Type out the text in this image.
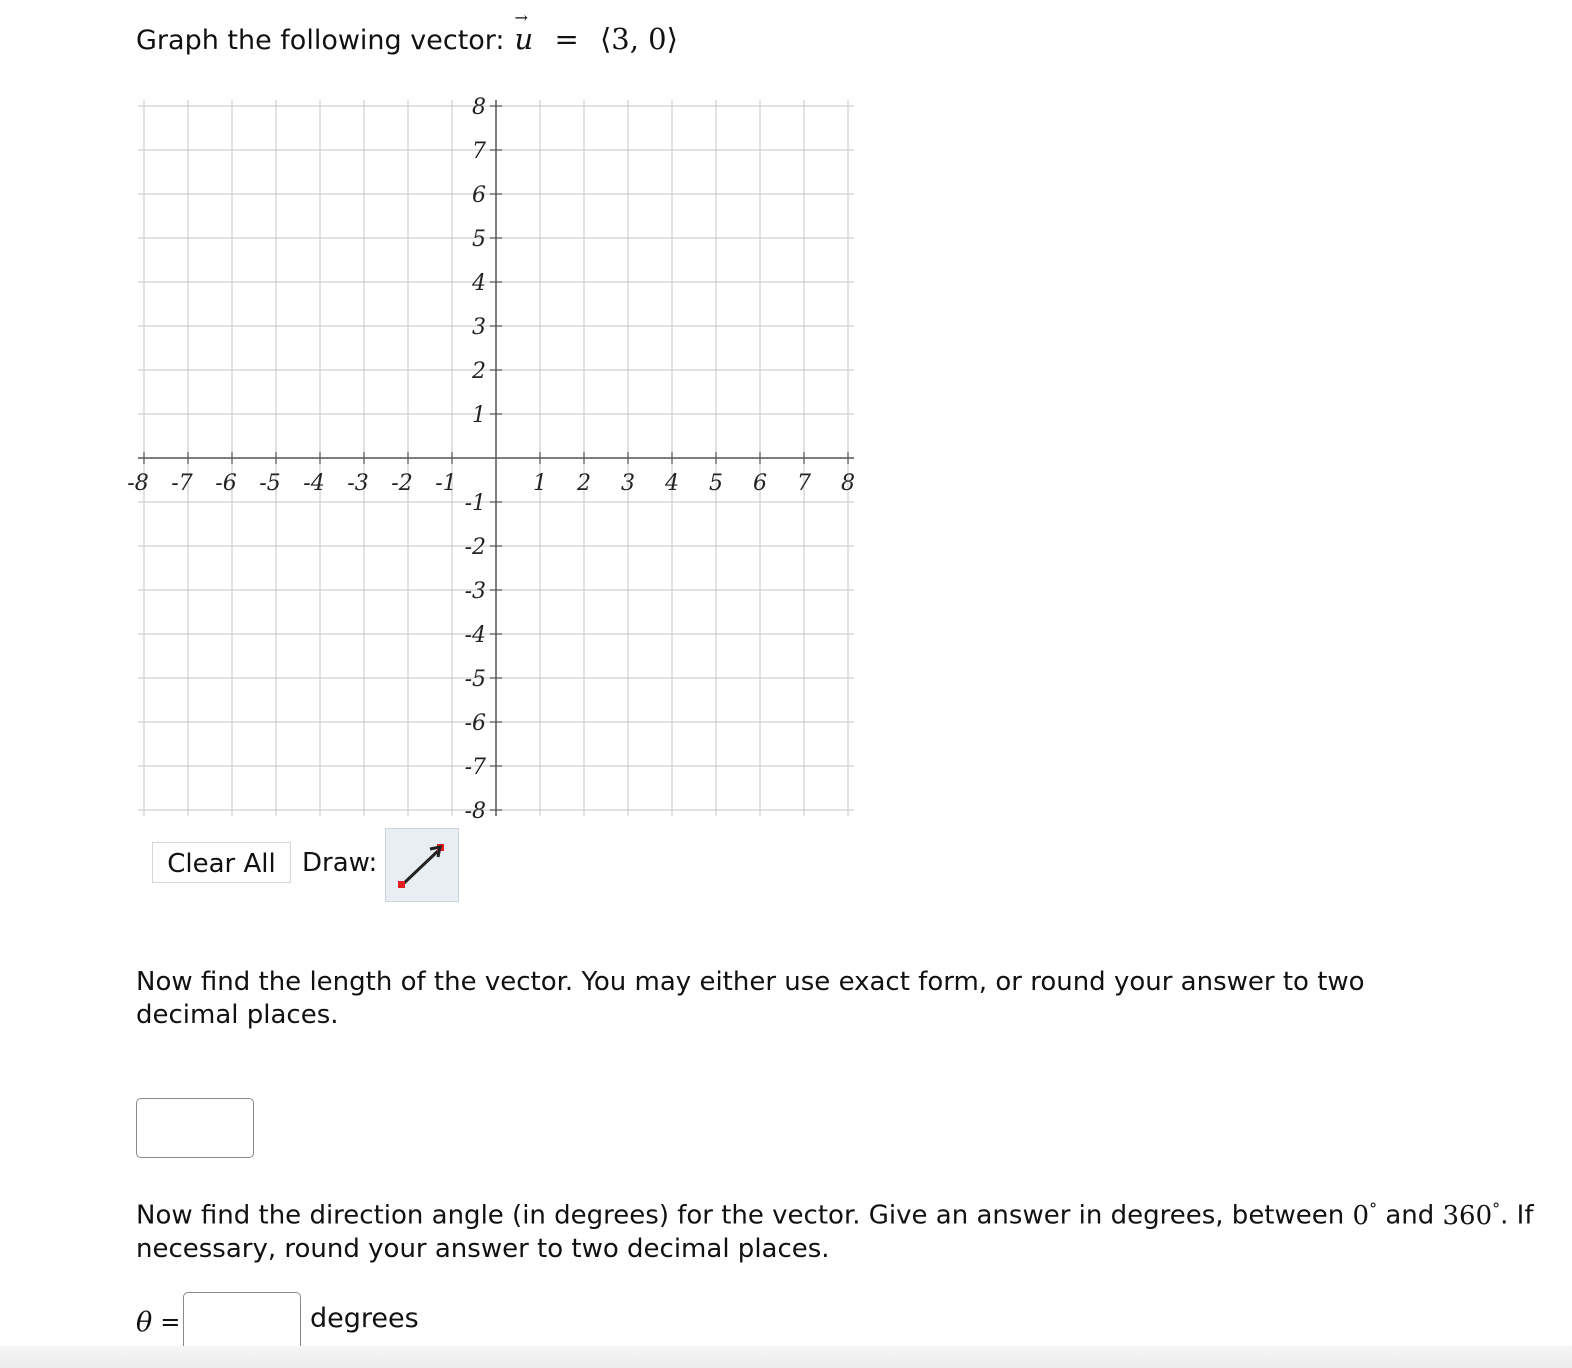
Graph the following vector:
→
u = ⟨3, 0⟩
-8 -7 -6 -5 -4 -3 -2 -1	1 2 3 4 5 6 7 8
8
7
6
5
4
3
2
1
-1
-2
-3
-4
-5
-6
-7
-8
Clear All	Draw:
Now find the length of the vector. You may either use exact form, or round your answer to two decimal places.
Now find the direction angle (in degrees) for the vector. Give an answer in degrees, between 0° and 360°. If necessary, round your answer to two decimal places.
θ =	degrees
